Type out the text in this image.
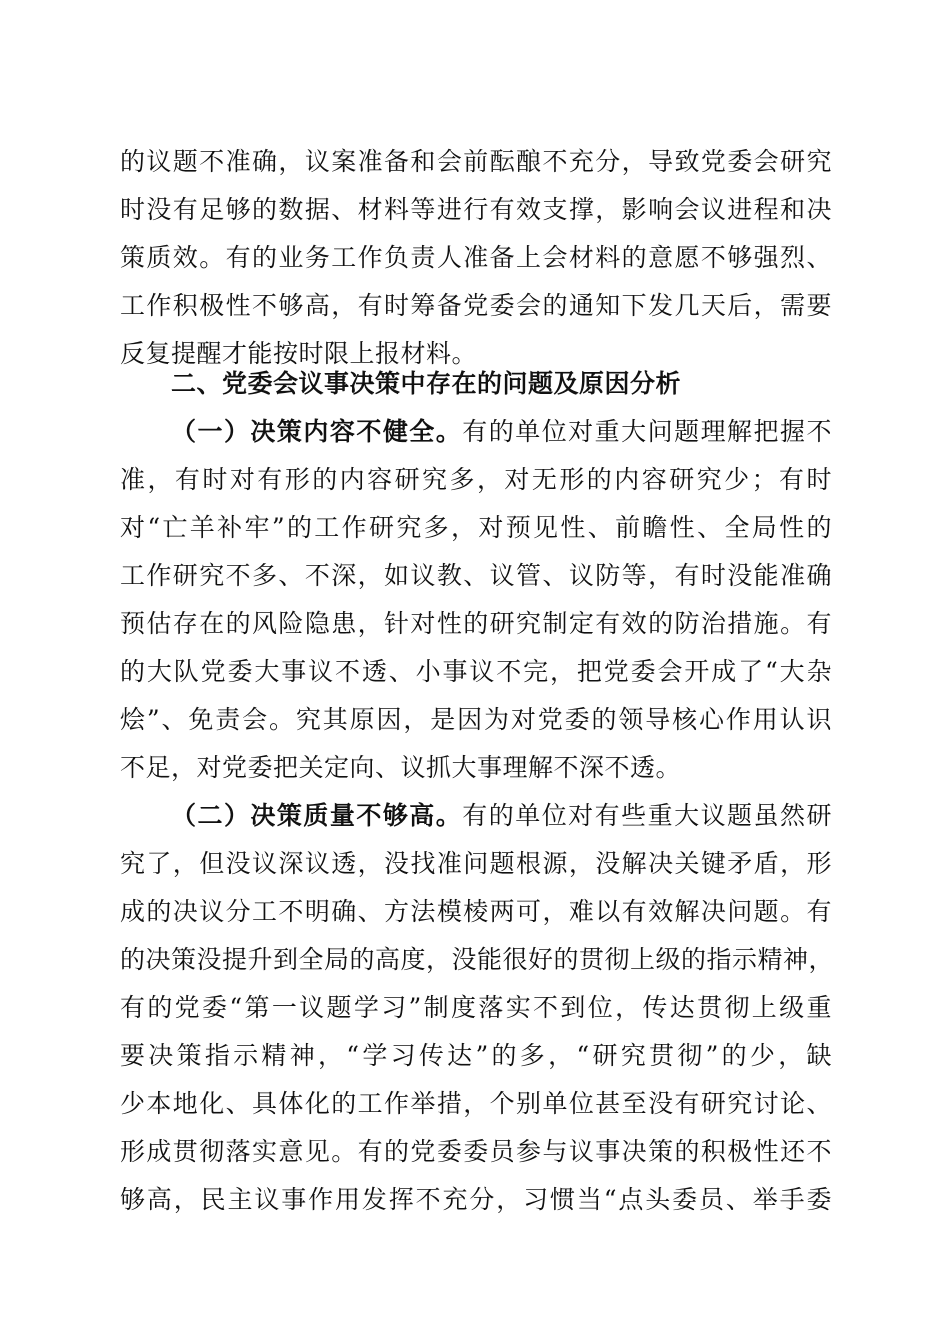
的议题不准确，议案准备和会前酝酿不充分，导致党委会研究
时没有足够的数据、材料等进行有效支撑，影响会议进程和决
策质效。有的业务工作负责人准备上会材料的意愿不够强烈、
工作积极性不够高，有时筹备党委会的通知下发几天后，需要
反复提醒才能按时限上报材料。
二、党委会议事决策中存在的问题及原因分析
（一）决策内容不健全。有的单位对重大问题理解把握不
准，有时对有形的内容研究多，对无形的内容研究少；有时
对“亡羊补牢”的工作研究多，对预见性、前瞻性、全局性的
工作研究不多、不深，如议教、议管、议防等，有时没能准确
预估存在的风险隐患，针对性的研究制定有效的防治措施。有
的大队党委大事议不透、小事议不完，把党委会开成了“大杂
烩”、免责会。究其原因，是因为对党委的领导核心作用认识
不足，对党委把关定向、议抓大事理解不深不透。
（二）决策质量不够高。有的单位对有些重大议题虽然研
究了，但没议深议透，没找准问题根源，没解决关键矛盾，形
成的决议分工不明确、方法模棱两可，难以有效解决问题。有
的决策没提升到全局的高度，没能很好的贯彻上级的指示精神，
有的党委“第一议题学习”制度落实不到位，传达贯彻上级重
要决策指示精神，“学习传达”的多，“研究贯彻”的少，缺
少本地化、具体化的工作举措，个别单位甚至没有研究讨论、
形成贯彻落实意见。有的党委委员参与议事决策的积极性还不
够高，民主议事作用发挥不充分，习惯当“点头委员、举手委
